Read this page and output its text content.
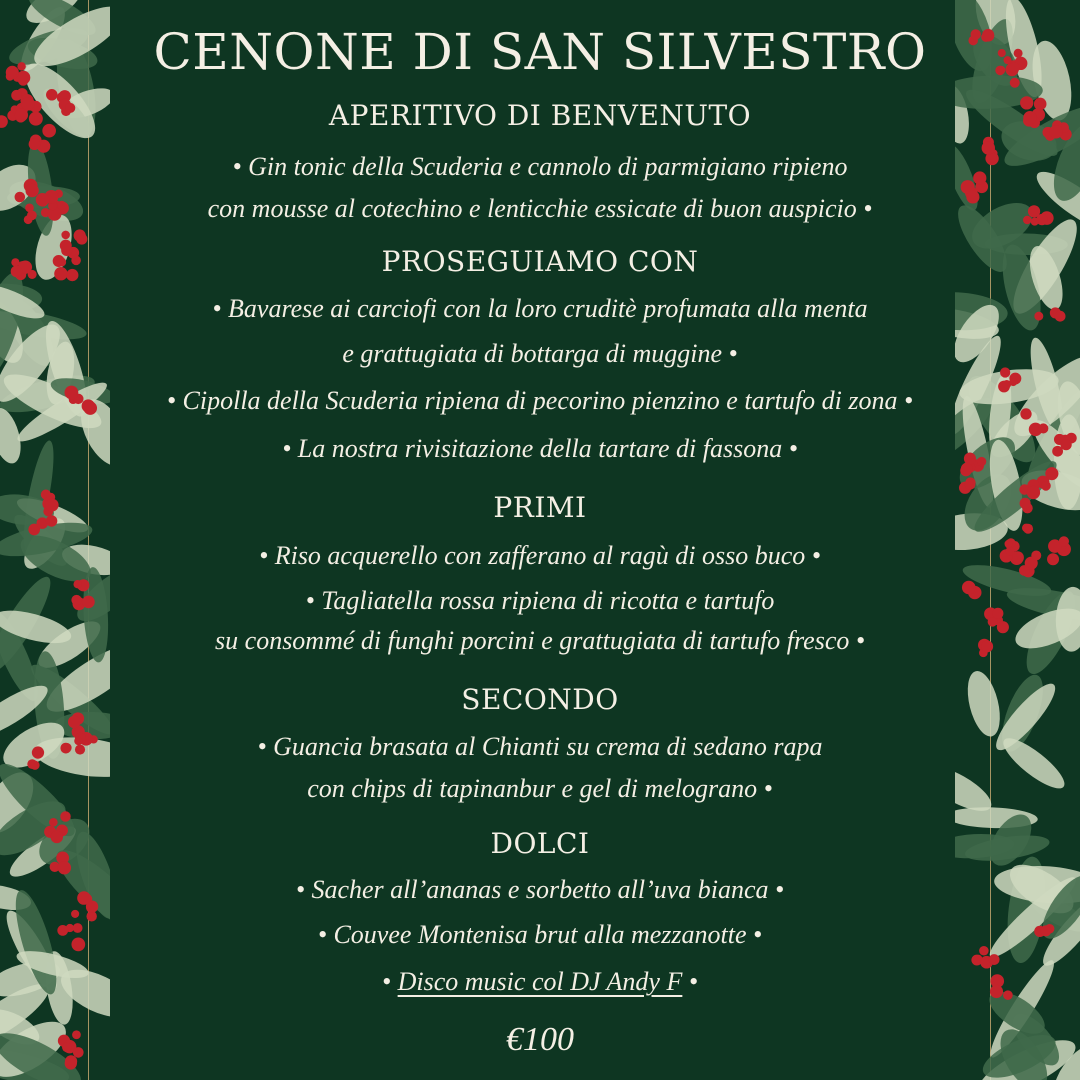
CENONE DI SAN SILVESTRO
APERITIVO DI BENVENUTO
• Gin tonic della Scuderia e cannolo di parmigiano ripieno
con mousse al cotechino e lenticchie essicate di buon auspicio •
PROSEGUIAMO CON
• Bavarese ai carciofi con la loro cruditè profumata alla menta
e grattugiata di bottarga di muggine •
• Cipolla della Scuderia ripiena di pecorino pienzino e tartufo di zona •
• La nostra rivisitazione della tartare di fassona •
PRIMI
• Riso acquerello con zafferano al ragù di osso buco •
• Tagliatella rossa ripiena di ricotta e tartufo
su consommé di funghi porcini e grattugiata di tartufo fresco •
SECONDO
• Guancia brasata al Chianti su crema di sedano rapa
con chips di tapinanbur e gel di melograno •
DOLCI
• Sacher all’ananas e sorbetto all’uva bianca •
• Couvee Montenisa brut alla mezzanotte •
• Disco music col DJ Andy F •
€100
